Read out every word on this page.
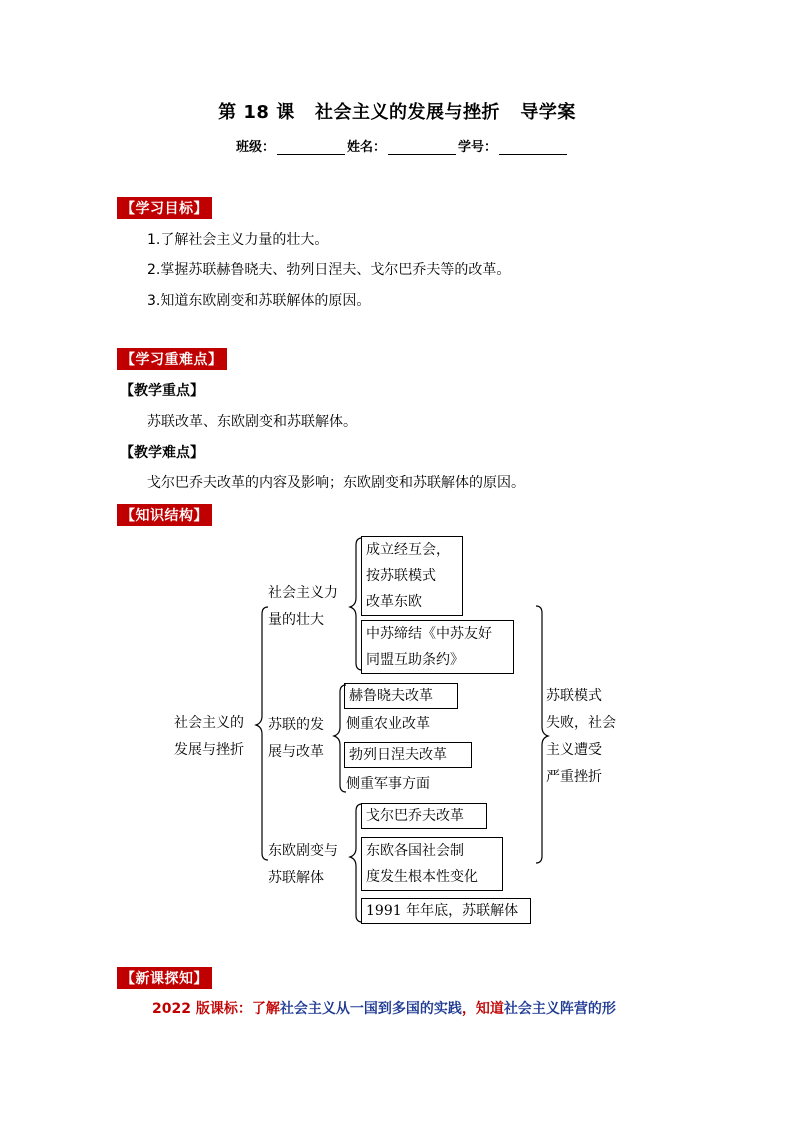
第 18 课 社会主义的发展与挫折 导学案
班级：	姓名：	学号：
【学习目标】
1.了解社会主义力量的壮大。
2.掌握苏联赫鲁晓夫、勃列日涅夫、戈尔巴乔夫等的改革。
3.知道东欧剧变和苏联解体的原因。
【学习重难点】
【教学重点】
苏联改革、东欧剧变和苏联解体。
【教学难点】
戈尔巴乔夫改革的内容及影响；东欧剧变和苏联解体的原因。
【知识结构】
社会主义的
发展与挫折
社会主义力
量的壮大
成立经互会，
按苏联模式
改革东欧
中苏缔结《中苏友好
同盟互助条约》
苏联的发
展与改革
赫鲁晓夫改革
侧重农业改革
勃列日涅夫改革
侧重军事方面
东欧剧变与
苏联解体
戈尔巴乔夫改革
东欧各国社会制
度发生根本性变化
1991 年年底，苏联解体
苏联模式
失败，社会
主义遭受
严重挫折
【新课探知】
2022 版课标：了解社会主义从一国到多国的实践，知道社会主义阵营的形
